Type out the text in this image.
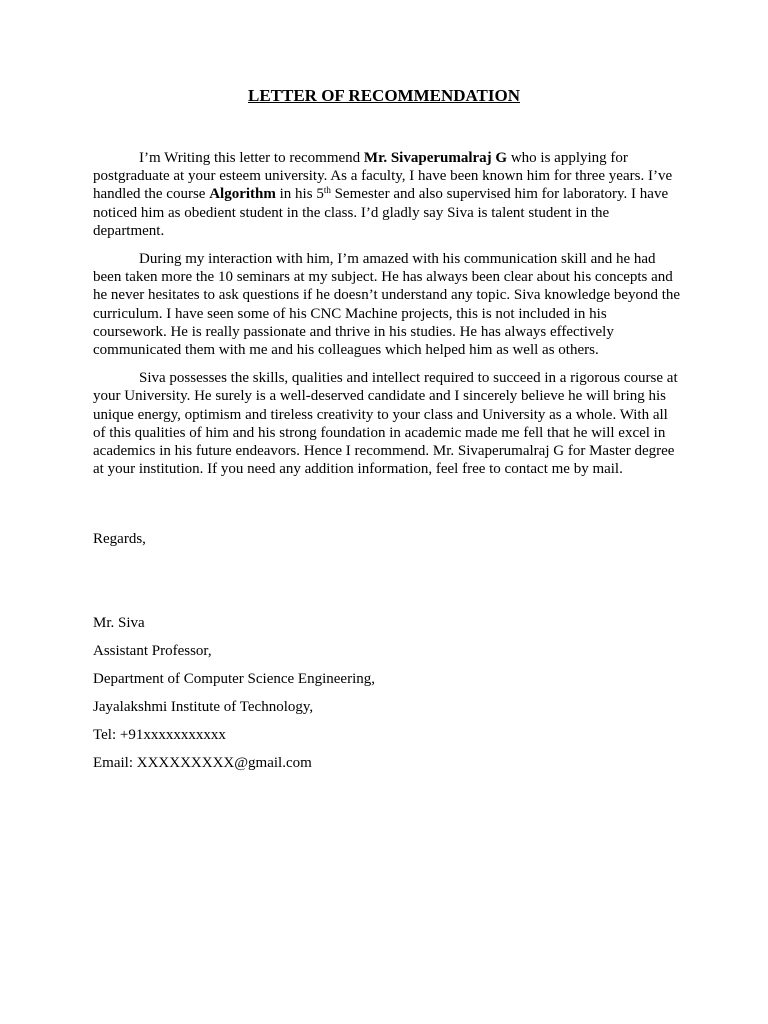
LETTER OF RECOMMENDATION

I’m Writing this letter to recommend Mr. Sivaperumalraj G who is applying for postgraduate at your esteem university. As a faculty, I have been known him for three years. I’ve handled the course Algorithm in his 5th Semester and also supervised him for laboratory. I have noticed him as obedient student in the class. I’d gladly say Siva is talent student in the department.

During my interaction with him, I’m amazed with his communication skill and he had been taken more the 10 seminars at my subject. He has always been clear about his concepts and he never hesitates to ask questions if he doesn’t understand any topic. Siva knowledge beyond the curriculum. I have seen some of his CNC Machine projects, this is not included in his coursework. He is really passionate and thrive in his studies. He has always effectively communicated them with me and his colleagues which helped him as well as others.

Siva possesses the skills, qualities and intellect required to succeed in a rigorous course at your University. He surely is a well-deserved candidate and I sincerely believe he will bring his unique energy, optimism and tireless creativity to your class and University as a whole. With all of this qualities of him and his strong foundation in academic made me fell that he will excel in academics in his future endeavors. Hence I recommend. Mr. Sivaperumalraj G for Master degree at your institution. If you need any addition information, feel free to contact me by mail.

Regards,

Mr. Siva
Assistant Professor,
Department of Computer Science Engineering,
Jayalakshmi Institute of Technology,
Tel: +91xxxxxxxxxxx
Email: XXXXXXXXX@gmail.com
